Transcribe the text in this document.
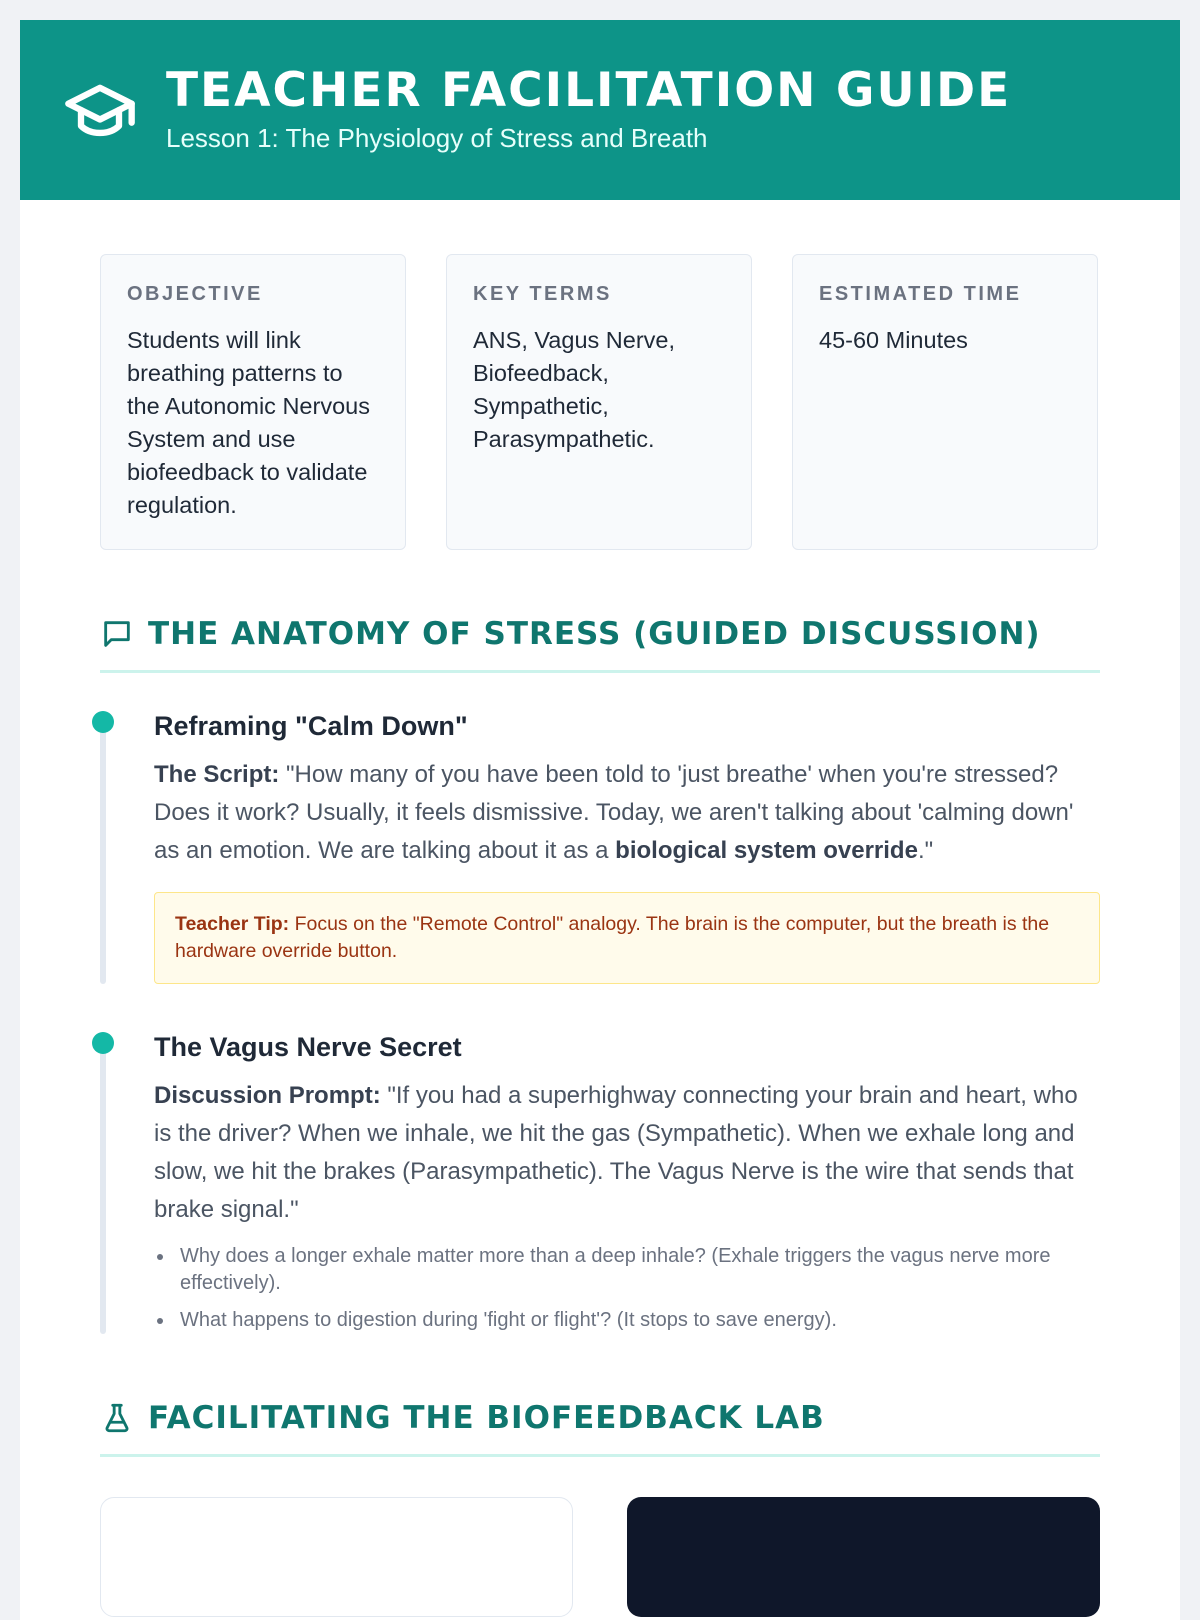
TEACHER FACILITATION GUIDE
Lesson 1: The Physiology of Stress and Breath
OBJECTIVE
Students will link breathing patterns to the Autonomic Nervous System and use biofeedback to validate regulation.
KEY TERMS
ANS, Vagus Nerve, Biofeedback, Sympathetic, Parasympathetic.
ESTIMATED TIME
45-60 Minutes
THE ANATOMY OF STRESS (GUIDED DISCUSSION)
Reframing "Calm Down"
The Script: "How many of you have been told to 'just breathe' when you're stressed? Does it work? Usually, it feels dismissive. Today, we aren't talking about 'calming down' as an emotion. We are talking about it as a biological system override."
Teacher Tip: Focus on the "Remote Control" analogy. The brain is the computer, but the breath is the hardware override button.
The Vagus Nerve Secret
Discussion Prompt: "If you had a superhighway connecting your brain and heart, who is the driver? When we inhale, we hit the gas (Sympathetic). When we exhale long and slow, we hit the brakes (Parasympathetic). The Vagus Nerve is the wire that sends that brake signal."
Why does a longer exhale matter more than a deep inhale? (Exhale triggers the vagus nerve more effectively).
What happens to digestion during 'fight or flight'? (It stops to save energy).
FACILITATING THE BIOFEEDBACK LAB
